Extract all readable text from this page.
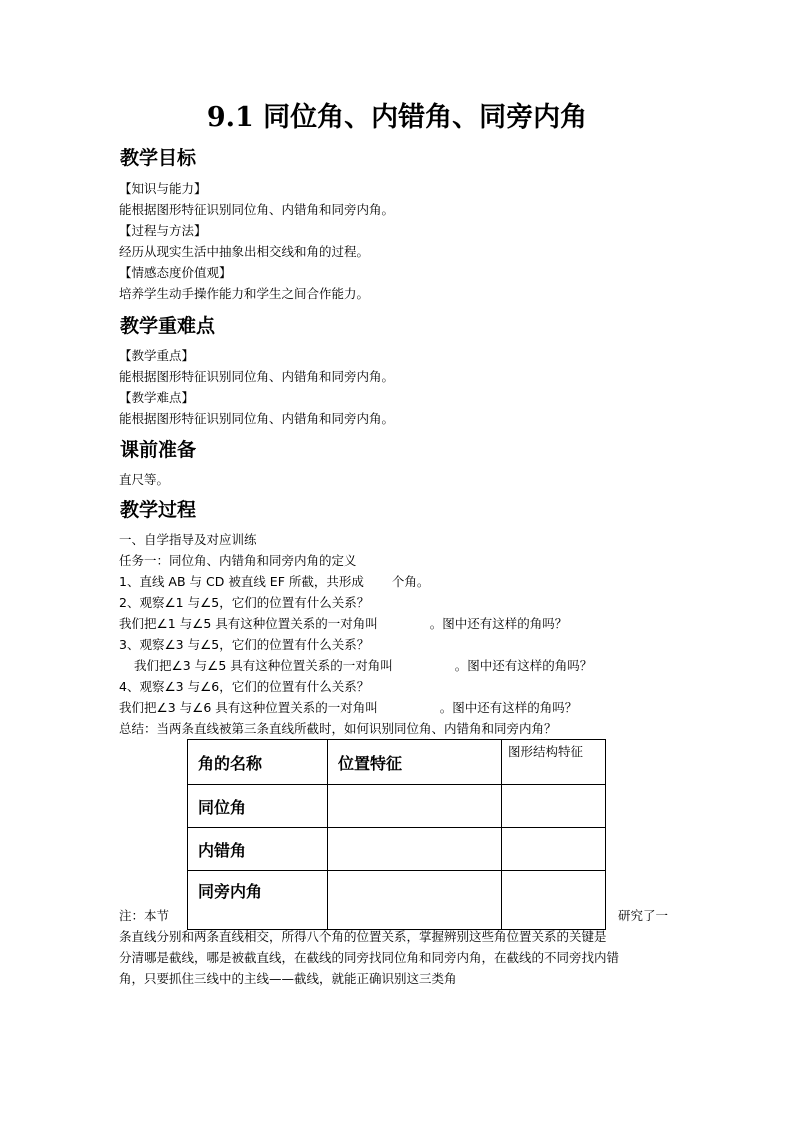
9.1 同位角、内错角、同旁内角
教学目标
【知识与能力】
能根据图形特征识别同位角、内错角和同旁内角。
【过程与方法】
经历从现实生活中抽象出相交线和角的过程。
【情感态度价值观】
培养学生动手操作能力和学生之间合作能力。
教学重难点
【教学重点】
能根据图形特征识别同位角、内错角和同旁内角。
【教学难点】
能根据图形特征识别同位角、内错角和同旁内角。
课前准备
直尺等。
教学过程
一、自学指导及对应训练
任务一：同位角、内错角和同旁内角的定义
1、直线 AB 与 CD 被直线 EF 所截，共形成 个角。
2、观察∠1 与∠5，它们的位置有什么关系？
我们把∠1 与∠5 具有这种位置关系的一对角叫	。图中还有这样的角吗？
3、观察∠3 与∠5，它们的位置有什么关系？
我们把∠3 与∠5 具有这种位置关系的一对角叫	。图中还有这样的角吗？
4、观察∠3 与∠6，它们的位置有什么关系？
我们把∠3 与∠6 具有这种位置关系的一对角叫	。图中还有这样的角吗？
总结：当两条直线被第三条直线所截时，如何识别同位角、内错角和同旁内角？
角的名称	位置特征	图形结构特征
同位角		
内错角		
同旁内角		
注：本节	研究了一
条直线分别和两条直线相交，所得八个角的位置关系，掌握辨别这些角位置关系的关键是
分清哪是截线，哪是被截直线，在截线的同旁找同位角和同旁内角，在截线的不同旁找内错
角，只要抓住三线中的主线——截线，就能正确识别这三类角
